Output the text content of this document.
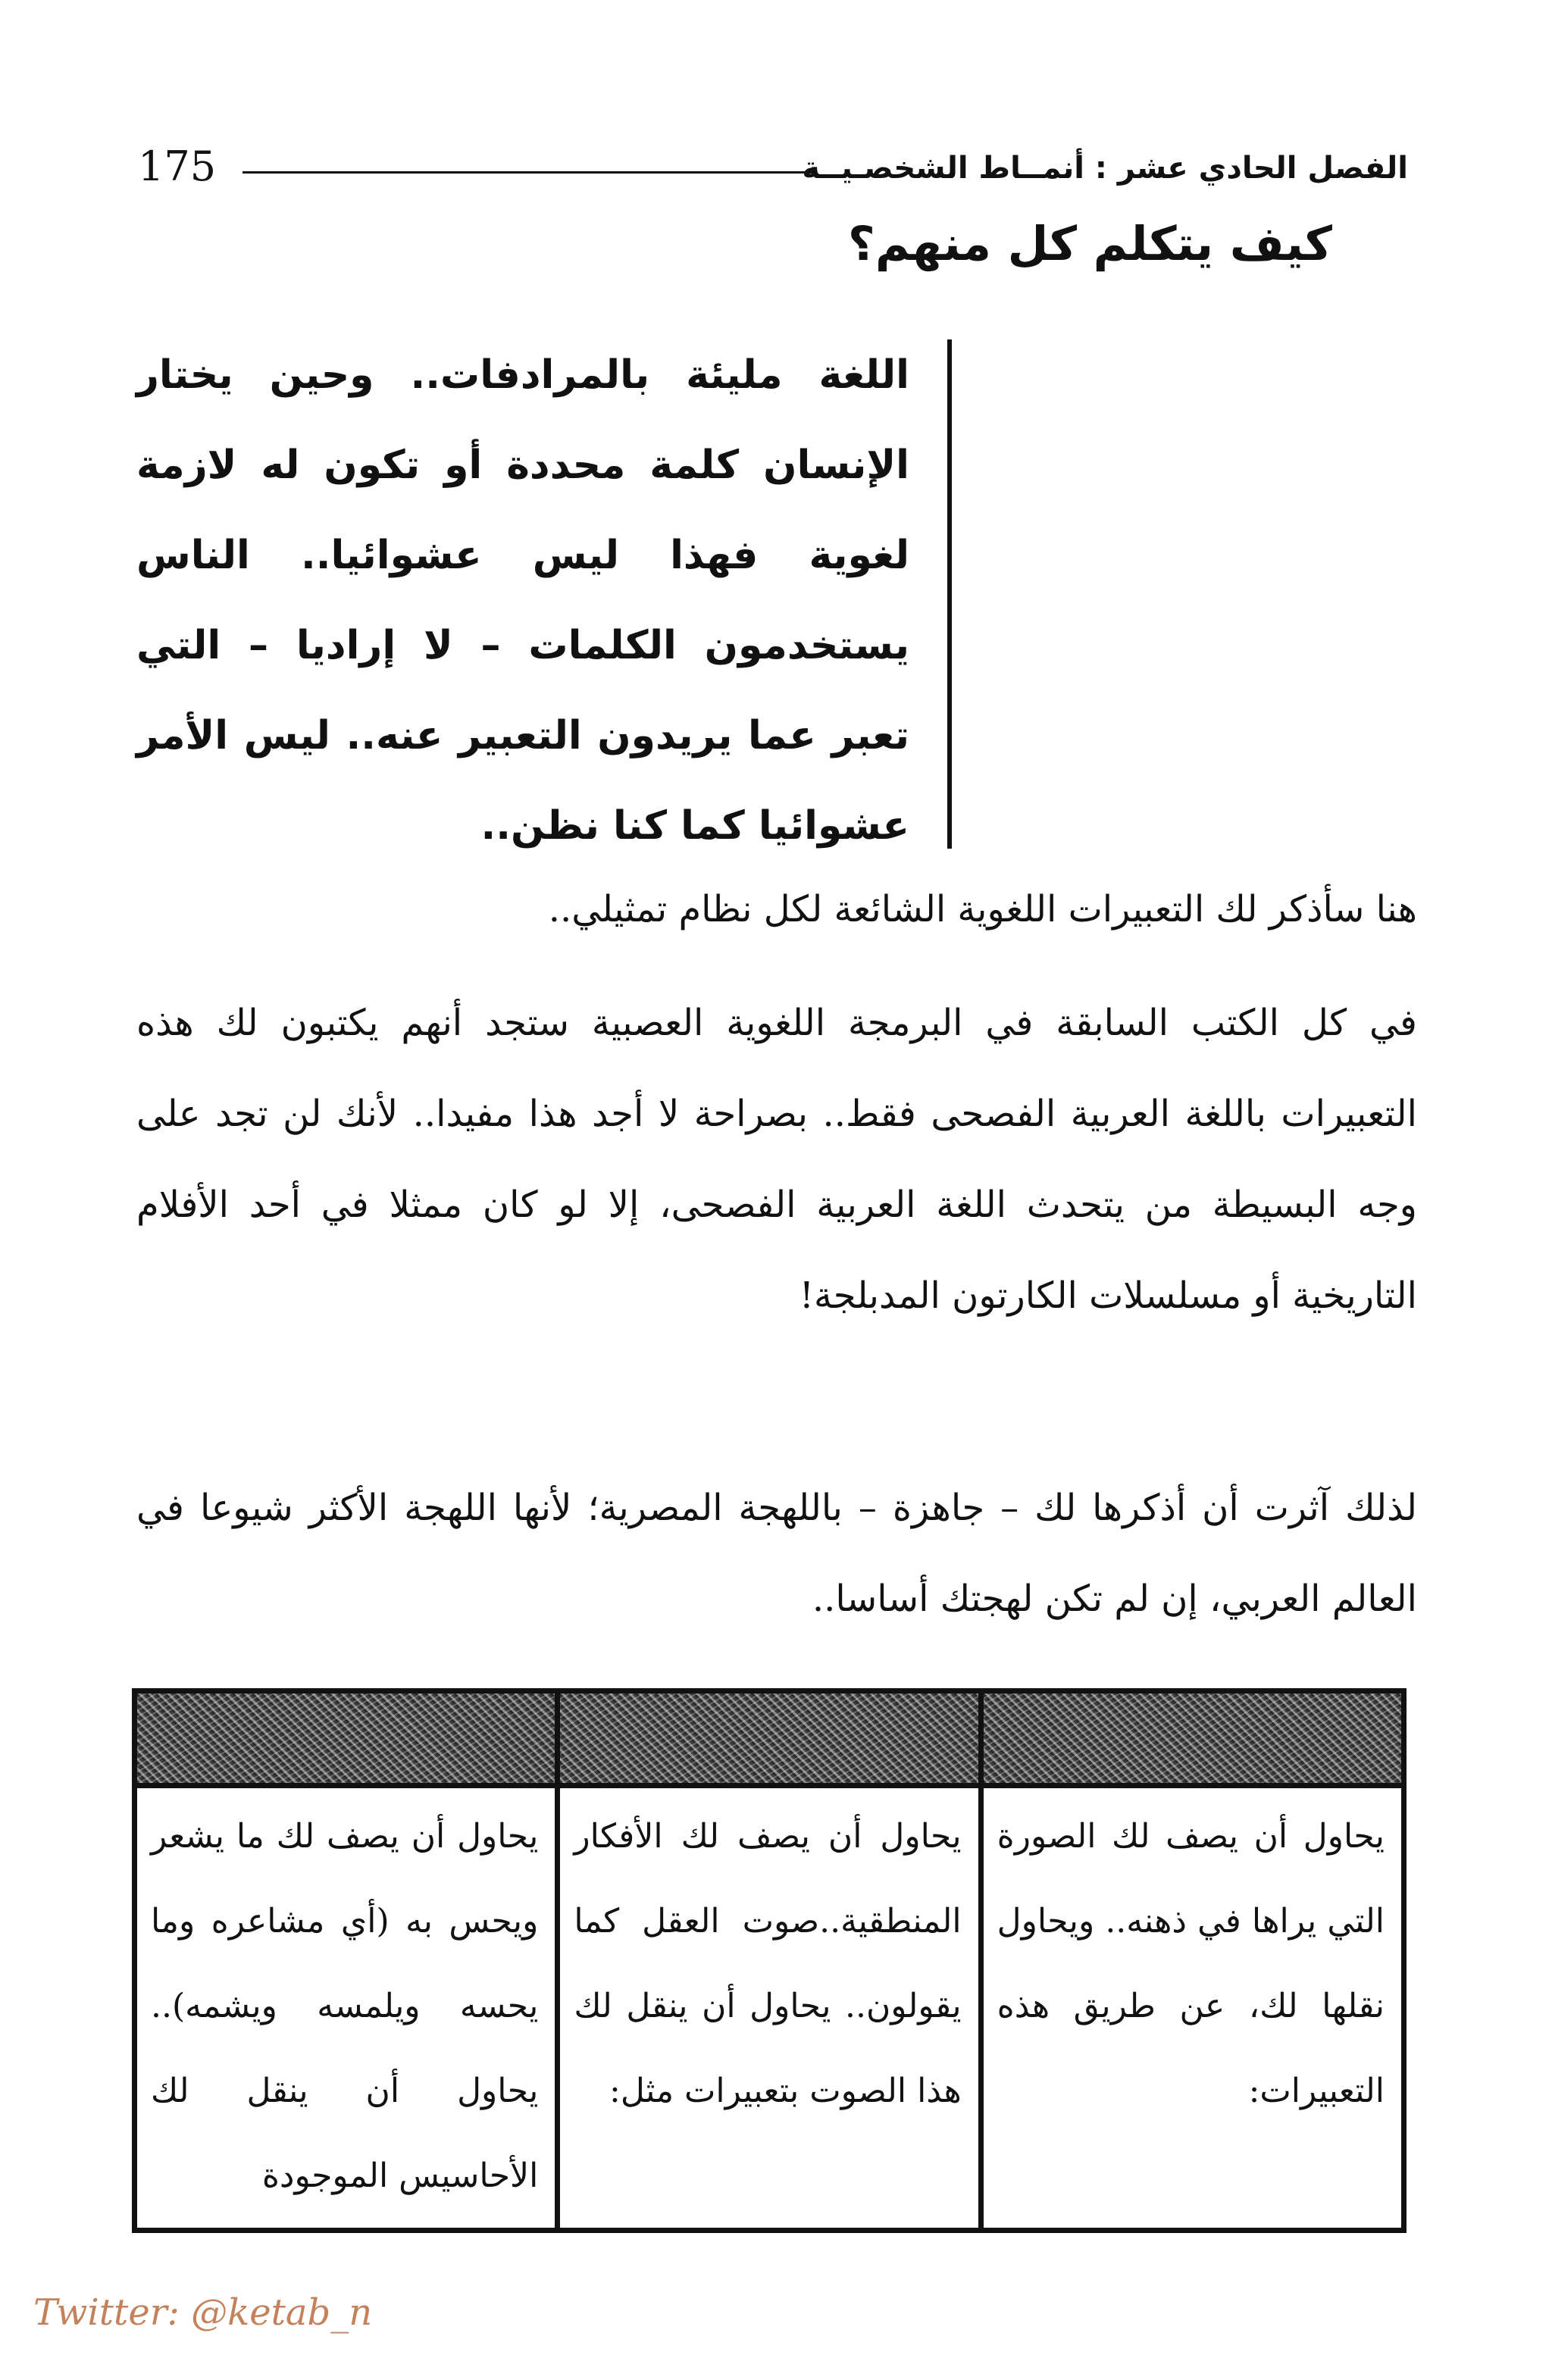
175	الفصل الحادي عشر : أنمــاط الشخصـيــة
كيف يتكلم كل منهم؟
اللغة مليئة بالمرادفات.. وحين يختار الإنسان كلمة محددة أو تكون له لازمة لغوية فهذا ليس عشوائيا.. الناس يستخدمون الكلمات – لا إراديا – التي تعبر عما يريدون التعبير عنه.. ليس الأمر عشوائيا كما كنا نظن..
هنا سأذكر لك التعبيرات اللغوية الشائعة لكل نظام تمثيلي..
في كل الكتب السابقة في البرمجة اللغوية العصبية ستجد أنهم يكتبون لك هذه التعبيرات باللغة العربية الفصحى فقط.. بصراحة لا أجد هذا مفيدا.. لأنك لن تجد على وجه البسيطة من يتحدث اللغة العربية الفصحى، إلا لو كان ممثلا في أحد الأفلام التاريخية أو مسلسلات الكارتون المدبلجة!
لذلك آثرت أن أذكرها لك – جاهزة – باللهجة المصرية؛ لأنها اللهجة الأكثر شيوعا في العالم العربي، إن لم تكن لهجتك أساسا..
يحاول أن يصف لك الصورة التي يراها في ذهنه.. ويحاول نقلها لك، عن طريق هذه التعبيرات:
يحاول أن يصف لك الأفكار المنطقية..صوت العقل كما يقولون.. يحاول أن ينقل لك هذا الصوت بتعبيرات مثل:
يحاول أن يصف لك ما يشعر ويحس به (أي مشاعره وما يحسه ويلمسه ويشمه).. يحاول أن ينقل لك الأحاسيس الموجودة
Twitter: @ketab_n
